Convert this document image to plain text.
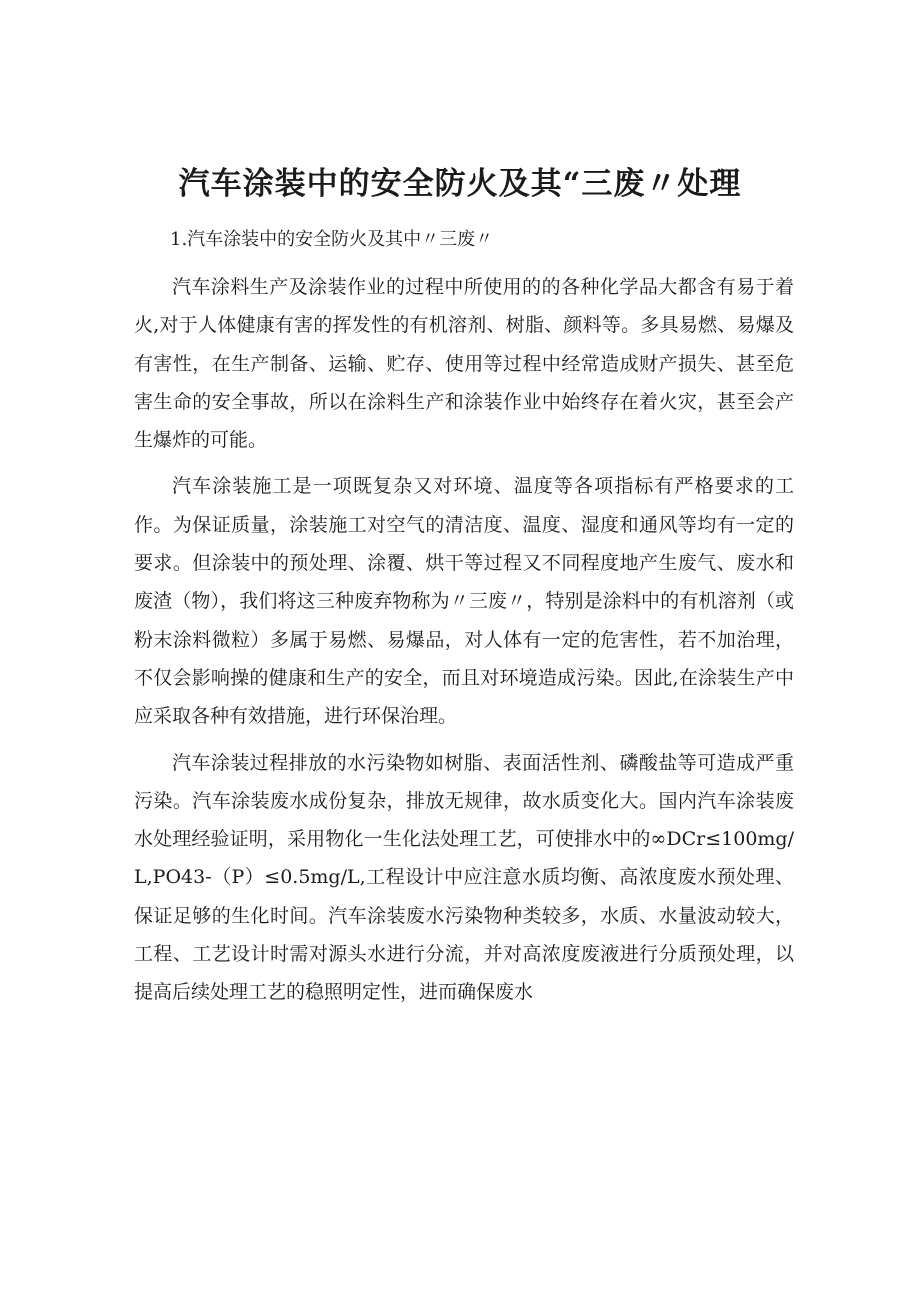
汽车涂装中的安全防火及其“三废〃处理

1.汽车涂装中的安全防火及其中〃三废〃

汽车涂料生产及涂装作业的过程中所使用的的各种化学品大都含有易于着火,对于人体健康有害的挥发性的有机溶剂、树脂、颜料等。多具易燃、易爆及有害性，在生产制备、运输、贮存、使用等过程中经常造成财产损失、甚至危害生命的安全事故，所以在涂料生产和涂装作业中始终存在着火灾，甚至会产生爆炸的可能。

汽车涂装施工是一项既复杂又对环境、温度等各项指标有严格要求的工作。为保证质量，涂装施工对空气的清洁度、温度、湿度和通风等均有一定的要求。但涂装中的预处理、涂覆、烘干等过程又不同程度地产生废气、废水和废渣（物），我们将这三种废弃物称为〃三废〃，特别是涂料中的有机溶剂（或粉末涂料微粒）多属于易燃、易爆品，对人体有一定的危害性，若不加治理，不仅会影响操的健康和生产的安全，而且对环境造成污染。因此,在涂装生产中应采取各种有效措施，进行环保治理。

汽车涂装过程排放的水污染物如树脂、表面活性剂、磷酸盐等可造成严重污染。汽车涂装废水成份复杂，排放无规律，故水质变化大。国内汽车涂装废水处理经验证明，采用物化一生化法处理工艺，可使排水中的∞DCr≤100mg/L,PO43-（P）≤0.5mg/L,工程设计中应注意水质均衡、高浓度废水预处理、保证足够的生化时间。汽车涂装废水污染物种类较多，水质、水量波动较大，工程、工艺设计时需对源头水进行分流，并对高浓度废液进行分质预处理，以提高后续处理工艺的稳照明定性，进而确保废水
